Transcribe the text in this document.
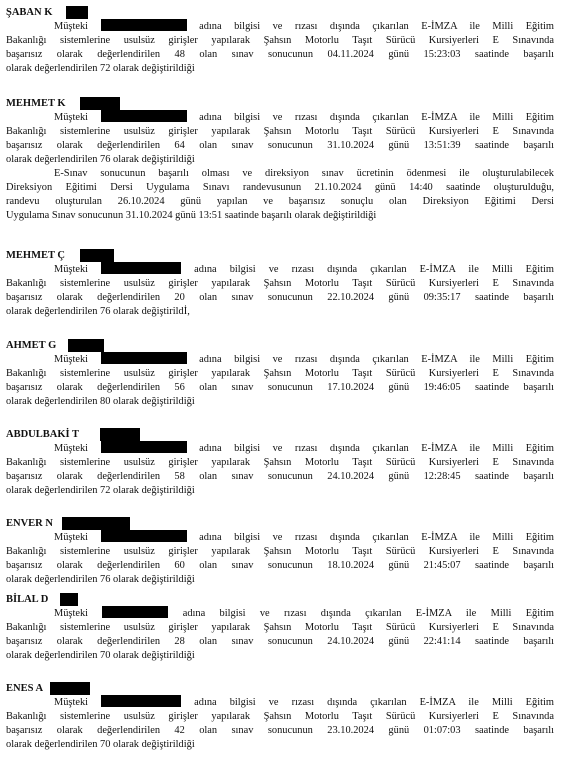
ŞABAN K
Müşteki	adına bilgisi ve rızası dışında çıkarılan E-İMZA ile Milli Eğitim
Bakanlığı sistemlerine usulsüz girişler yapılarak Şahsın Motorlu Taşıt Sürücü Kursiyerleri E Sınavında
başarısız olarak değerlendirilen 48 olan sınav sonucunun 04.11.2024 günü 15:23:03 saatinde başarılı
olarak değerlendirilen 72 olarak değiştirildiği
MEHMET K
Müşteki	adına bilgisi ve rızası dışında çıkarılan E-İMZA ile Milli Eğitim
Bakanlığı sistemlerine usulsüz girişler yapılarak Şahsın Motorlu Taşıt Sürücü Kursiyerleri E Sınavında
başarısız olarak değerlendirilen 64 olan sınav sonucunun 31.10.2024 günü 13:51:39 saatinde başarılı
olarak değerlendirilen 76 olarak değiştirildiği
E-Sınav sonucunun başarılı olması ve direksiyon sınav ücretinin ödenmesi ile oluşturulabilecek
Direksiyon Eğitimi Dersi Uygulama Sınavı randevusunun 21.10.2024 günü 14:40 saatinde oluşturulduğu,
randevu oluşturulan 26.10.2024 günü yapılan ve başarısız sonuçlu olan Direksiyon Eğitimi Dersi
Uygulama Sınav sonucunun 31.10.2024 günü 13:51 saatinde başarılı olarak değiştirildiği
MEHMET Ç
Müşteki	adına bilgisi ve rızası dışında çıkarılan E-İMZA ile Milli Eğitim
Bakanlığı sistemlerine usulsüz girişler yapılarak Şahsın Motorlu Taşıt Sürücü Kursiyerleri E Sınavında
başarısız olarak değerlendirilen 20 olan sınav sonucunun 22.10.2024 günü 09:35:17 saatinde başarılı
olarak değerlendirilen 76 olarak değiştirildİ,
AHMET G
Müşteki	adına bilgisi ve rızası dışında çıkarılan E-İMZA ile Milli Eğitim
Bakanlığı sistemlerine usulsüz girişler yapılarak Şahsın Motorlu Taşıt Sürücü Kursiyerleri E Sınavında
başarısız olarak değerlendirilen 56 olan sınav sonucunun 17.10.2024 günü 19:46:05 saatinde başarılı
olarak değerlendirilen 80 olarak değiştirildiği
ABDULBAKİ T
Müşteki	adına bilgisi ve rızası dışında çıkarılan E-İMZA ile Milli Eğitim
Bakanlığı sistemlerine usulsüz girişler yapılarak Şahsın Motorlu Taşıt Sürücü Kursiyerleri E Sınavında
başarısız olarak değerlendirilen 58 olan sınav sonucunun 24.10.2024 günü 12:28:45 saatinde başarılı
olarak değerlendirilen 72 olarak değiştirildiği
ENVER N
Müşteki	adına bilgisi ve rızası dışında çıkarılan E-İMZA ile Milli Eğitim
Bakanlığı sistemlerine usulsüz girişler yapılarak Şahsın Motorlu Taşıt Sürücü Kursiyerleri E Sınavında
başarısız olarak değerlendirilen 60 olan sınav sonucunun 18.10.2024 günü 21:45:07 saatinde başarılı
olarak değerlendirilen 76 olarak değiştirildiği
BİLAL D
Müşteki	adına bilgisi ve rızası dışında çıkarılan E-İMZA ile Milli Eğitim
Bakanlığı sistemlerine usulsüz girişler yapılarak Şahsın Motorlu Taşıt Sürücü Kursiyerleri E Sınavında
başarısız olarak değerlendirilen 28 olan sınav sonucunun 24.10.2024 günü 22:41:14 saatinde başarılı
olarak değerlendirilen 70 olarak değiştirildiği
ENES A
Müşteki	adına bilgisi ve rızası dışında çıkarılan E-İMZA ile Milli Eğitim
Bakanlığı sistemlerine usulsüz girişler yapılarak Şahsın Motorlu Taşıt Sürücü Kursiyerleri E Sınavında
başarısız olarak değerlendirilen 42 olan sınav sonucunun 23.10.2024 günü 01:07:03 saatinde başarılı
olarak değerlendirilen 70 olarak değiştirildiği
